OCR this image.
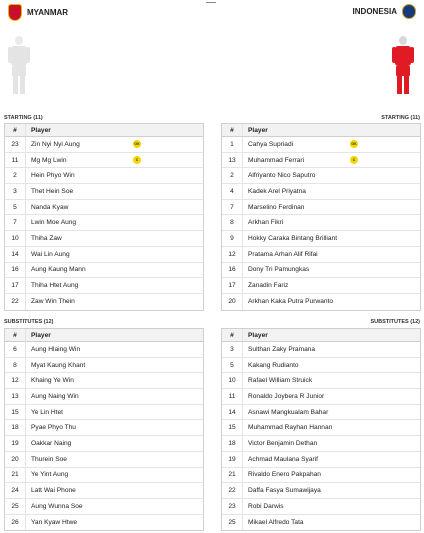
MYANMAR	INDONESIA
STARTING (11)	STARTING (11)
#	Player
23	Zin Nyi Nyi Aung	GK
11	Mg Mg Lwin	C
2	Hein Phyo Win
3	Thet Hein Soe
5	Nanda Kyaw
7	Lwin Moe Aung
10	Thiha Zaw
14	Wai Lin Aung
16	Aung Kaung Mann
17	Thiha Htet Aung
22	Zaw Win Thein
#	Player
1	Cahya Supriadi	GK
13	Muhammad Ferrari	C
2	Alfriyanto Nico Saputro
4	Kadek Arel Priyatna
7	Marselino Ferdinan
8	Arkhan Fikri
9	Hokky Caraka Bintang Brilliant
12	Pratama Arhan Alif Rifai
16	Dony Tri Pamungkas
17	Zanadin Fariz
20	Arkhan Kaka Putra Purwanto
SUBSTITUTES (12)	SUBSTITUTES (12)
#	Player
6	Aung Hlaing Win
8	Myat Kaung Khant
12	Khaing Ye Win
13	Aung Naing Win
15	Ye Lin Htet
18	Pyae Phyo Thu
19	Oakkar Naing
20	Thurein Soe
21	Ye Yint Aung
24	Latt Wai Phone
25	Aung Wunna Soe
26	Yan Kyaw Htwe
#	Player
3	Sulthan Zaky Pramana
5	Kakang Rudianto
10	Rafael William Struick
11	Ronaldo Joybera R Junior
14	Asnawi Mangkualam Bahar
15	Muhammad Rayhan Hannan
18	Victor Benjamin Dethan
19	Achmad Maulana Syarif
21	Rivaldo Enero Pakpahan
22	Daffa Fasya Sumawijaya
23	Robi Darwis
25	Mikael Alfredo Tata
